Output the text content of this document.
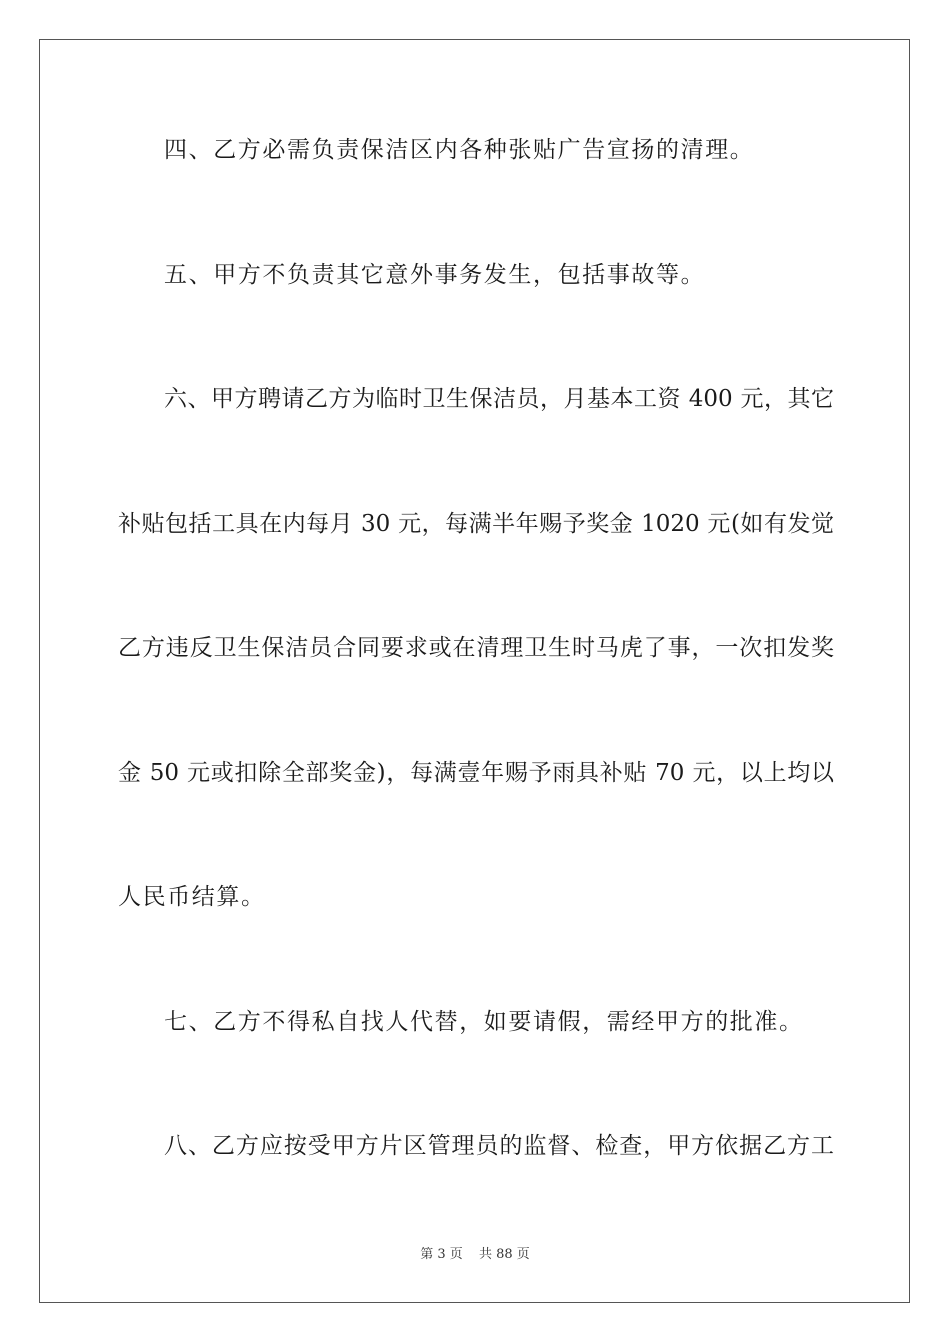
四、乙方必需负责保洁区内各种张贴广告宣扬的清理。
五、甲方不负责其它意外事务发生，包括事故等。
六、甲方聘请乙方为临时卫生保洁员，月基本工资 400 元，其它
补贴包括工具在内每月 30 元，每满半年赐予奖金 1020 元(如有发觉
乙方违反卫生保洁员合同要求或在清理卫生时马虎了事，一次扣发奖
金 50 元或扣除全部奖金)，每满壹年赐予雨具补贴 70 元，以上均以
人民币结算。
七、乙方不得私自找人代替，如要请假，需经甲方的批准。
八、乙方应按受甲方片区管理员的监督、检查，甲方依据乙方工
第 3 页 共 88 页
